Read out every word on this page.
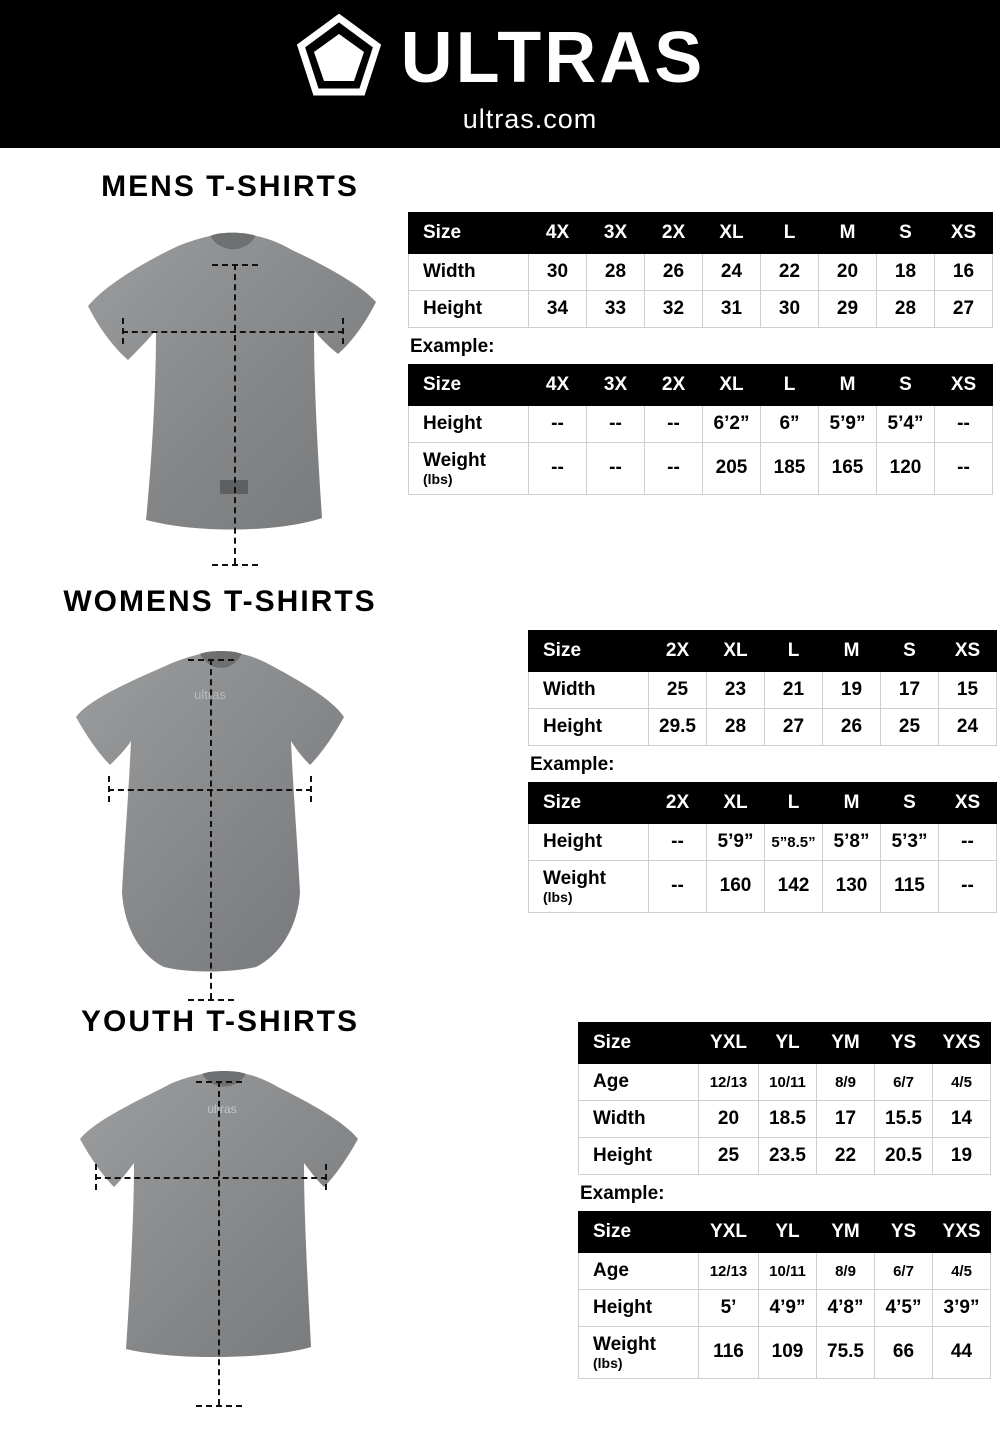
ULTRAS
ultras.com
MENS T-SHIRTS
Size	4X	3X	2X	XL	L	M	S	XS
Width	30	28	26	24	22	20	18	16
Height	34	33	32	31	30	29	28	27
Example:
Size	4X	3X	2X	XL	L	M	S	XS
Height	--	--	--	6’2”	6”	5’9”	5’4”	--
Weight
(lbs)	--	--	--	205	185	165	120	--
WOMENS T-SHIRTS
ultras
Size	2X	XL	L	M	S	XS
Width	25	23	21	19	17	15
Height	29.5	28	27	26	25	24
Example:
Size	2X	XL	L	M	S	XS
Height	--	5’9”	5”8.5”	5’8”	5’3”	--
Weight
(lbs)	--	160	142	130	115	--
YOUTH T-SHIRTS
ultras
Size	YXL	YL	YM	YS	YXS
Age	12/13	10/11	8/9	6/7	4/5
Width	20	18.5	17	15.5	14
Height	25	23.5	22	20.5	19
Example:
Size	YXL	YL	YM	YS	YXS
Age	12/13	10/11	8/9	6/7	4/5
Height	5’	4’9”	4’8”	4’5”	3’9”
Weight
(lbs)	116	109	75.5	66	44
